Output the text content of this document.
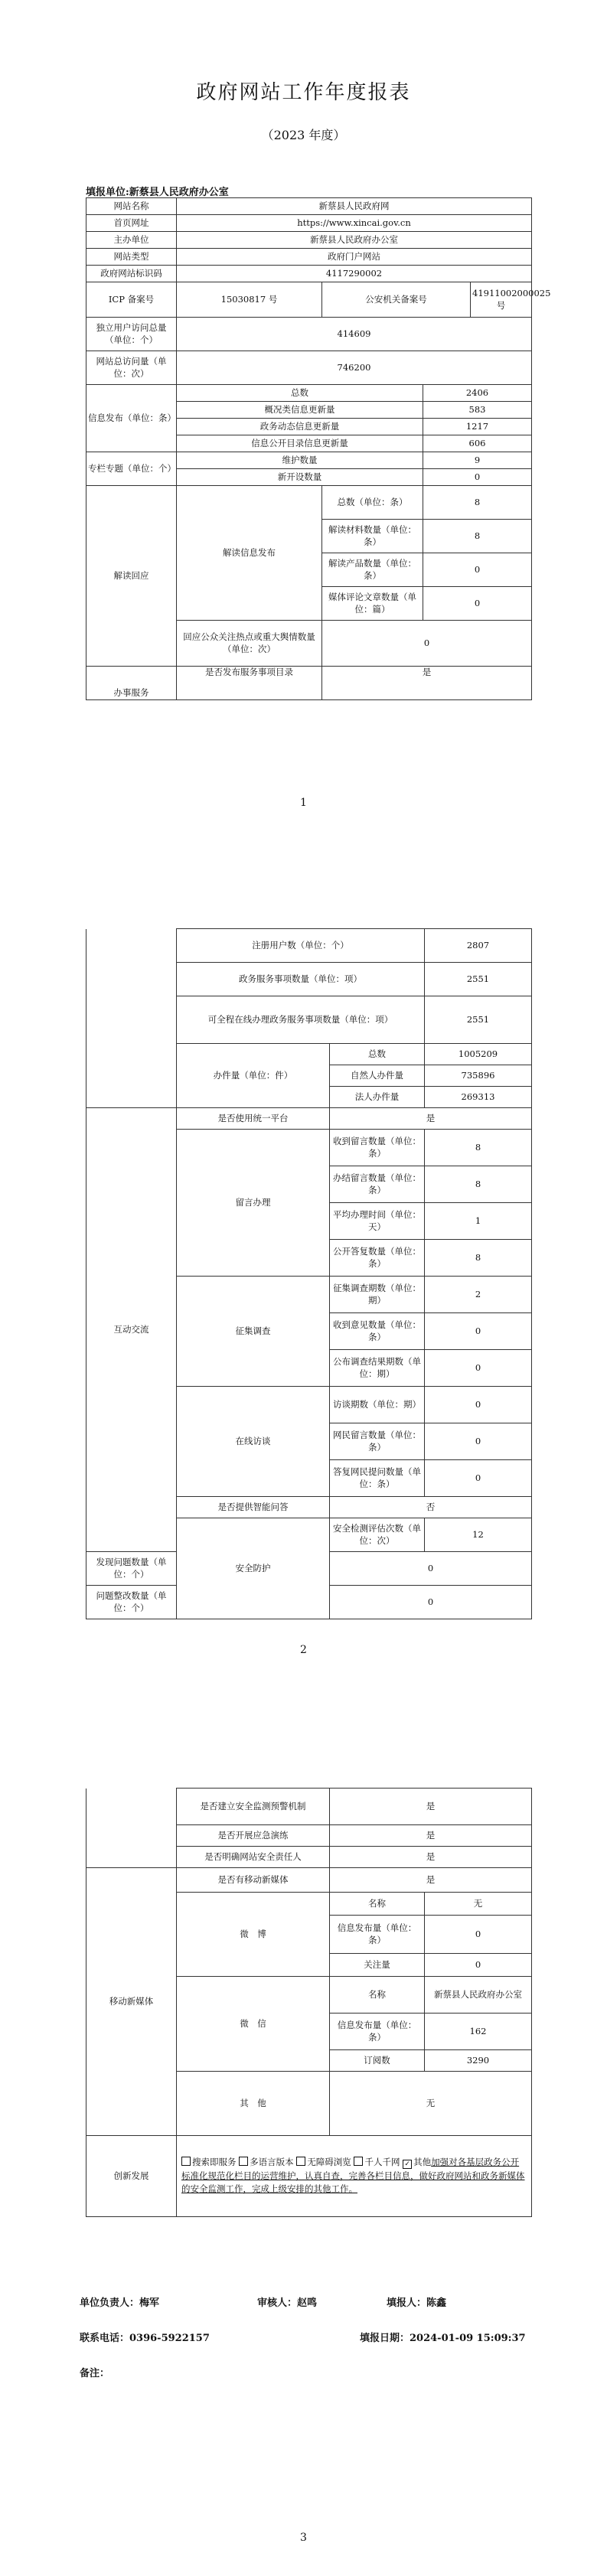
政府网站工作年度报表
（2023 年度）
填报单位:新蔡县人民政府办公室
网站名称	新蔡县人民政府网			
首页网址	https://www.xincai.gov.cn			
主办单位	新蔡县人民政府办公室			
网站类型	政府门户网站			
政府网站标识码	4117290002			
ICP 备案号	15030817 号	公安机关备案号		41911002000025 号
独立用户访问总量（单位：个）	414609			
网站总访问量（单位：次）	746200			
信息发布（单位：条）	总数		2406	
	概况类信息更新量		583	
	政务动态信息更新量		1217	
	信息公开目录信息更新量		606	
专栏专题（单位：个）	维护数量		9	
	新开设数量		0	
解读回应	解读信息发布	总数（单位：条）	8	
		解读材料数量（单位：条）	8	
		解读产品数量（单位：条）	0	
		媒体评论文章数量（单位：篇）	0	
	回应公众关注热点或重大舆情数量（单位：次）	0		
办事服务	是否发布服务事项目录	是		
1
	注册用户数（单位：个）		2807
	政务服务事项数量（单位：项）		2551
	可全程在线办理政务服务事项数量（单位：项）		2551
	办件量（单位：件）	总数	1005209
		自然人办件量	735896
		法人办件量	269313
互动交流	是否使用统一平台	是	
	留言办理	收到留言数量（单位：条）	8
		办结留言数量（单位：条）	8
		平均办理时间（单位：天）	1
		公开答复数量（单位：条）	8
	征集调查	征集调查期数（单位：期）	2
		收到意见数量（单位：条）	0
		公布调查结果期数（单位：期）	0
	在线访谈	访谈期数（单位：期）	0
		网民留言数量（单位：条）	0
		答复网民提问数量（单位：条）	0
	是否提供智能问答	否	
	安全防护	安全检测评估次数（单位：次）	12
发现问题数量（单位：个）		0	
问题整改数量（单位：个）		0	
2
	是否建立安全监测预警机制	是	
	是否开展应急演练	是	
	是否明确网站安全责任人	是	
移动新媒体	是否有移动新媒体	是	
	微　博	名称	无
		信息发布量（单位：条）	0
		关注量	0
	微　信	名称	新蔡县人民政府办公室
		信息发布量（单位：条）	162
		订阅数	3290
	其　他	无	
创新发展	搜索即服务 多语言版本 无障碍浏览 千人千网 ✓ 其他加强对各基层政务公开标准化规范化栏目的运营维护，认真自查，完善各栏目信息，做好政府网站和政务新媒体的安全监测工作，完成上级安排的其他工作。		
单位负责人：梅军	审核人：赵鸣	填报人：陈鑫
联系电话：0396-5922157	填报日期：2024-01-09 15:09:37
备注：
3
